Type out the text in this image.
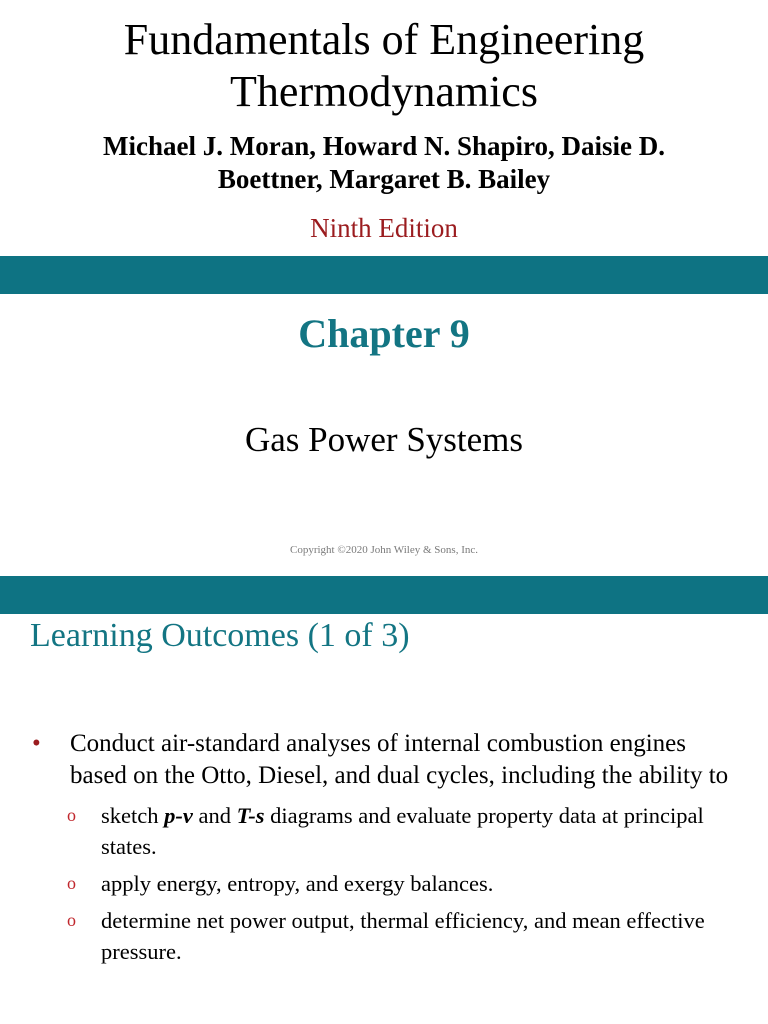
Fundamentals of Engineering
Thermodynamics
Michael J. Moran, Howard N. Shapiro, Daisie D.
Boettner, Margaret B. Bailey
Ninth Edition
Chapter 9
Gas Power Systems
Copyright ©2020 John Wiley & Sons, Inc.
Learning Outcomes (1 of 3)
•	Conduct air-standard analyses of internal combustion engines based on the Otto, Diesel, and dual cycles, including the ability to
o	sketch p-v and T-s diagrams and evaluate property data at principal states.
o	apply energy, entropy, and exergy balances.
o	determine net power output, thermal efficiency, and mean effective pressure.
